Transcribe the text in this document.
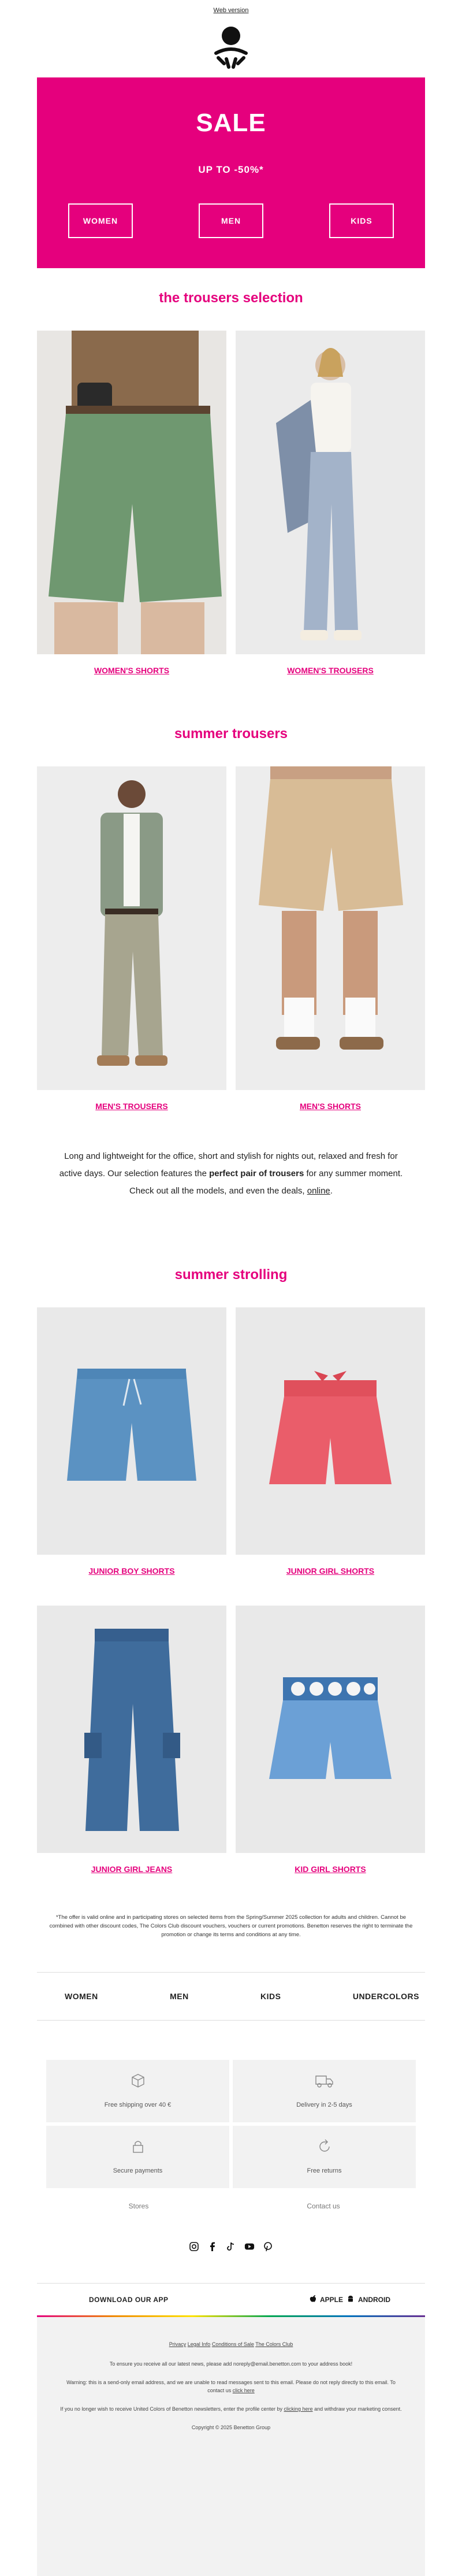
Web version
SALE
UP TO -50%*
WOMEN	MEN	KIDS
the trousers selection
WOMEN'S SHORTS	WOMEN'S TROUSERS
summer trousers
MEN'S TROUSERS	MEN'S SHORTS
Long and lightweight for the office, short and stylish for nights out, relaxed and fresh for active days. Our selection features the perfect pair of trousers for any summer moment.
Check out all the models, and even the deals, online.
summer strolling
JUNIOR BOY SHORTS	JUNIOR GIRL SHORTS
JUNIOR GIRL JEANS	KID GIRL SHORTS
*The offer is valid online and in participating stores on selected items from the Spring/Summer 2025 collection for adults and children. Cannot be combined with other discount codes, The Colors Club discount vouchers, vouchers or current promotions. Benetton reserves the right to terminate the promotion or change its terms and conditions at any time.
WOMEN	MEN	KIDS	UNDERCOLORS
Free shipping over 40 €	Delivery in 2-5 days
Secure payments	Free returns
Stores	Contact us
DOWNLOAD OUR APP	APPLE ANDROID
Privacy Legal Info Conditions of Sale The Colors Club
To ensure you receive all our latest news, please add noreply@email.benetton.com to your address book!
Warning: this is a send-only email address, and we are unable to read messages sent to this email. Please do not reply directly to this email. To contact us click here
If you no longer wish to receive United Colors of Benetton newsletters, enter the profile center by clicking here and withdraw your marketing consent.
Copyright © 2025 Benetton Group
